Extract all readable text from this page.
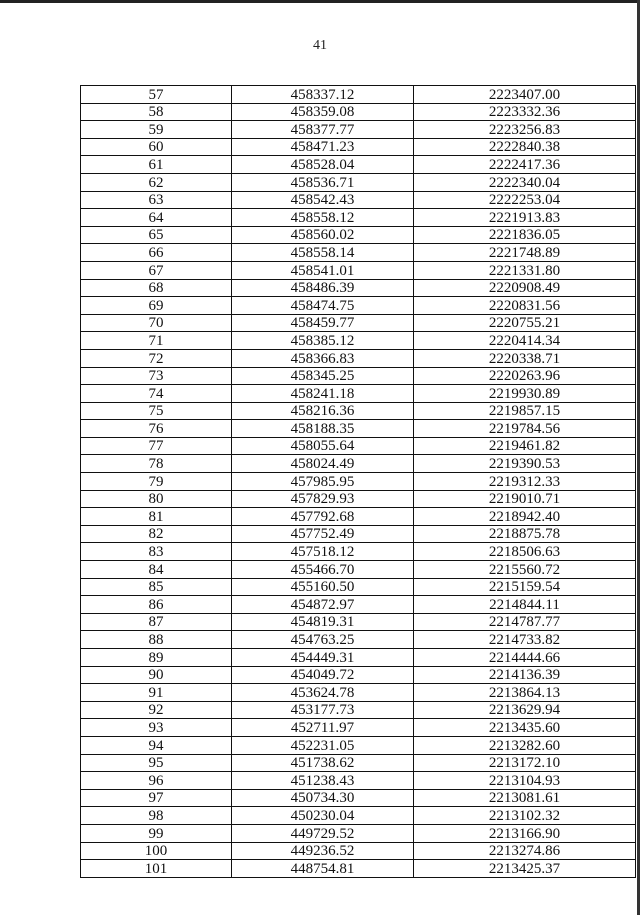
41
57	458337.12	2223407.00
58	458359.08	2223332.36
59	458377.77	2223256.83
60	458471.23	2222840.38
61	458528.04	2222417.36
62	458536.71	2222340.04
63	458542.43	2222253.04
64	458558.12	2221913.83
65	458560.02	2221836.05
66	458558.14	2221748.89
67	458541.01	2221331.80
68	458486.39	2220908.49
69	458474.75	2220831.56
70	458459.77	2220755.21
71	458385.12	2220414.34
72	458366.83	2220338.71
73	458345.25	2220263.96
74	458241.18	2219930.89
75	458216.36	2219857.15
76	458188.35	2219784.56
77	458055.64	2219461.82
78	458024.49	2219390.53
79	457985.95	2219312.33
80	457829.93	2219010.71
81	457792.68	2218942.40
82	457752.49	2218875.78
83	457518.12	2218506.63
84	455466.70	2215560.72
85	455160.50	2215159.54
86	454872.97	2214844.11
87	454819.31	2214787.77
88	454763.25	2214733.82
89	454449.31	2214444.66
90	454049.72	2214136.39
91	453624.78	2213864.13
92	453177.73	2213629.94
93	452711.97	2213435.60
94	452231.05	2213282.60
95	451738.62	2213172.10
96	451238.43	2213104.93
97	450734.30	2213081.61
98	450230.04	2213102.32
99	449729.52	2213166.90
100	449236.52	2213274.86
101	448754.81	2213425.37
